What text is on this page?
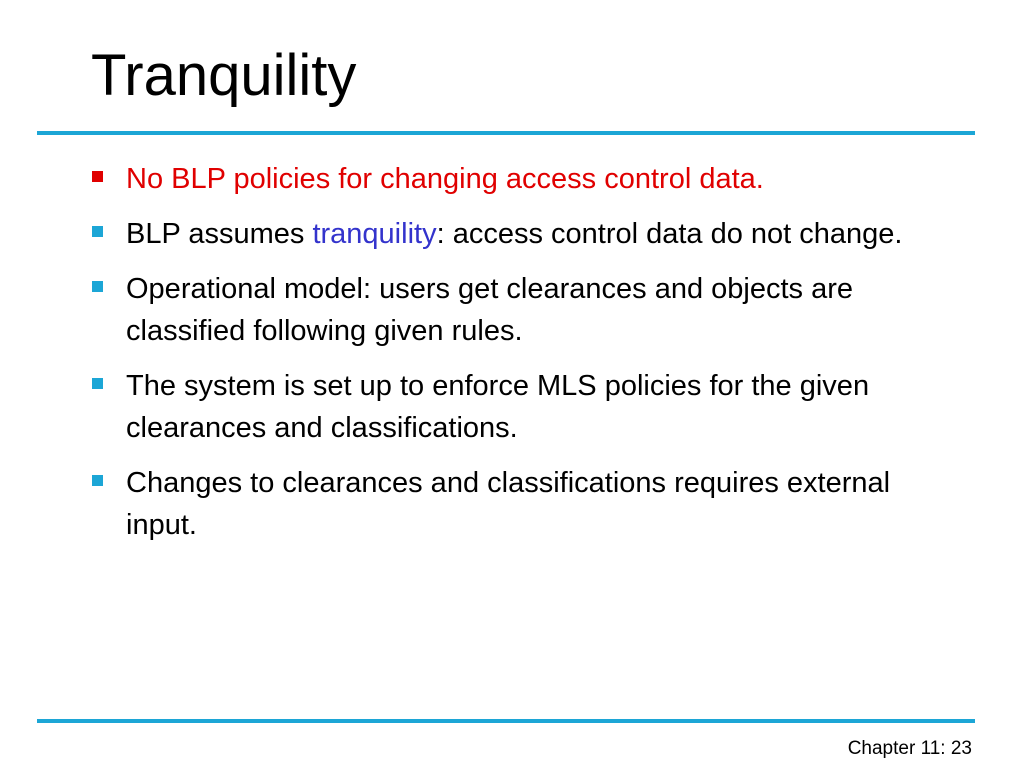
Tranquility
No BLP policies for changing access control data.
BLP assumes tranquility: access control data do not change.
Operational model: users get clearances and objects are classified following given rules.
The system is set up to enforce MLS policies for the given clearances and classifications.
Changes to clearances and classifications requires external input.
Chapter 11: 23
